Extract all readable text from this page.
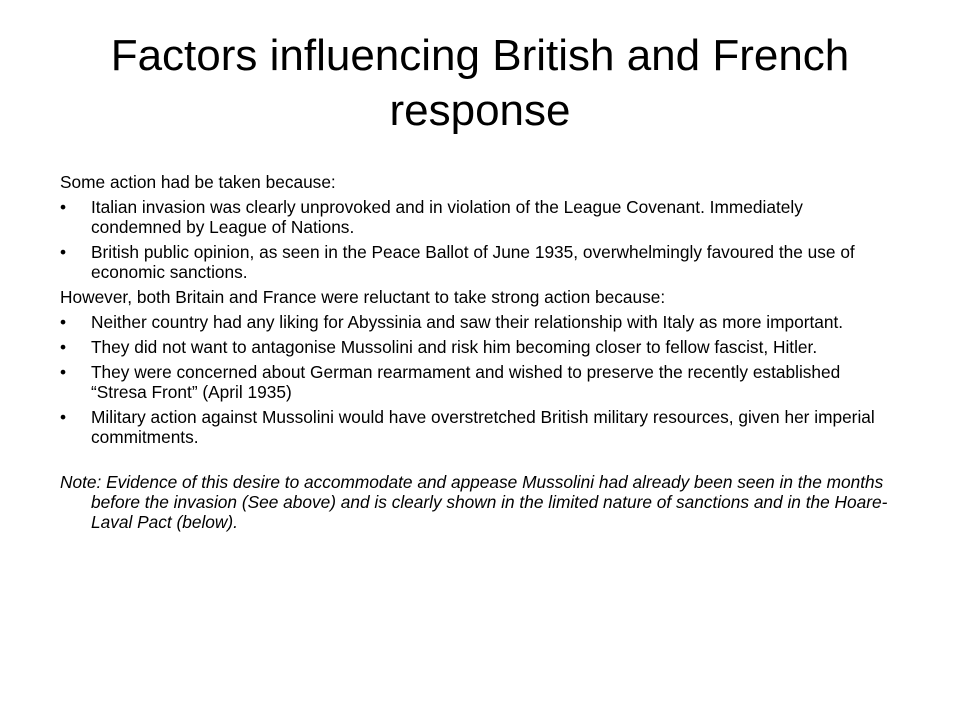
Factors influencing British and French response

Some action had be taken because:

• Italian invasion was clearly unprovoked and in violation of the League Covenant. Immediately condemned by League of Nations.
• British public opinion, as seen in the Peace Ballot of June 1935, overwhelmingly favoured the use of economic sanctions.

However, both Britain and France were reluctant to take strong action because:

• Neither country had any liking for Abyssinia and saw their relationship with Italy as more important.
• They did not want to antagonise Mussolini and risk him becoming closer to fellow fascist, Hitler.
• They were concerned about German rearmament and wished to preserve the recently established “Stresa Front” (April 1935)
• Military action against Mussolini would have overstretched British military resources, given her imperial commitments.

Note: Evidence of this desire to accommodate and appease Mussolini had already been seen in the months before the invasion (See above) and is clearly shown in the limited nature of sanctions and in the Hoare-Laval Pact (below).
